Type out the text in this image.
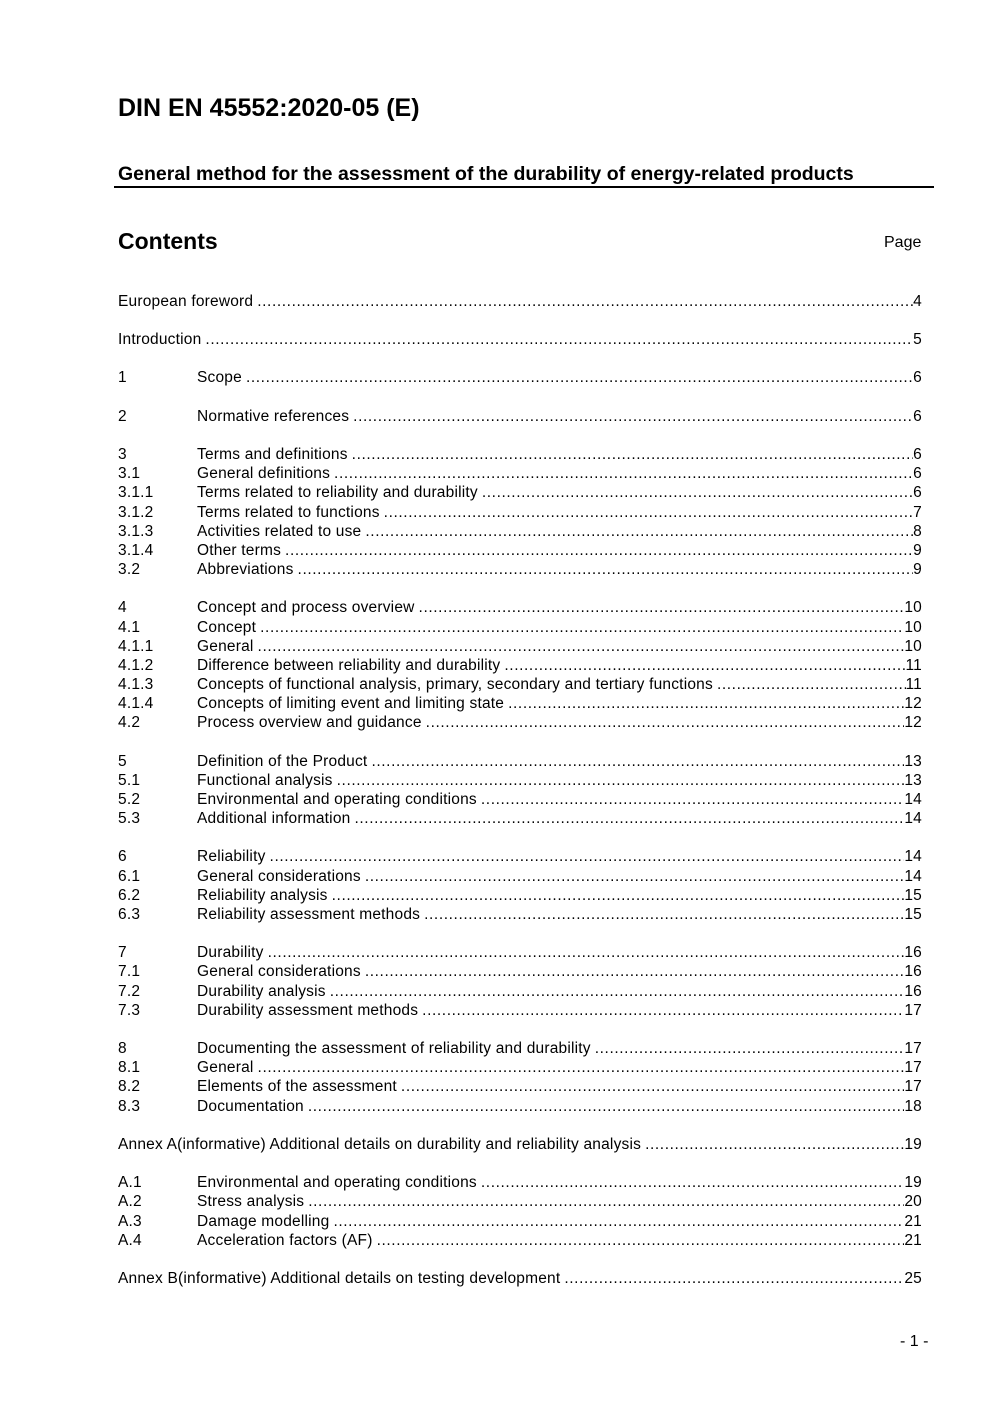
DIN EN 45552:2020-05 (E)
General method for the assessment of the durability of energy-related products
Contents	Page
European foreword .....	4
Introduction .....	5
1	Scope .....	6
2	Normative references .....	6
3	Terms and definitions .....	6
3.1	General definitions .....	6
3.1.1	Terms related to reliability and durability .....	6
3.1.2	Terms related to functions .....	7
3.1.3	Activities related to use .....	8
3.1.4	Other terms .....	9
3.2	Abbreviations .....	9
4	Concept and process overview .....	10
4.1	Concept .....	10
4.1.1	General .....	10
4.1.2	Difference between reliability and durability .....	11
4.1.3	Concepts of functional analysis, primary, secondary and tertiary functions .....	11
4.1.4	Concepts of limiting event and limiting state .....	12
4.2	Process overview and guidance .....	12
5	Definition of the Product .....	13
5.1	Functional analysis .....	13
5.2	Environmental and operating conditions .....	14
5.3	Additional information .....	14
6	Reliability .....	14
6.1	General considerations .....	14
6.2	Reliability analysis .....	15
6.3	Reliability assessment methods .....	15
7	Durability .....	16
7.1	General considerations .....	16
7.2	Durability analysis .....	16
7.3	Durability assessment methods .....	17
8	Documenting the assessment of reliability and durability .....	17
8.1	General .....	17
8.2	Elements of the assessment .....	17
8.3	Documentation .....	18
Annex A(informative) Additional details on durability and reliability analysis .....	19
A.1	Environmental and operating conditions .....	19
A.2	Stress analysis .....	20
A.3	Damage modelling .....	21
A.4	Acceleration factors (AF) .....	21
Annex B(informative) Additional details on testing development .....	25
- 1 -
